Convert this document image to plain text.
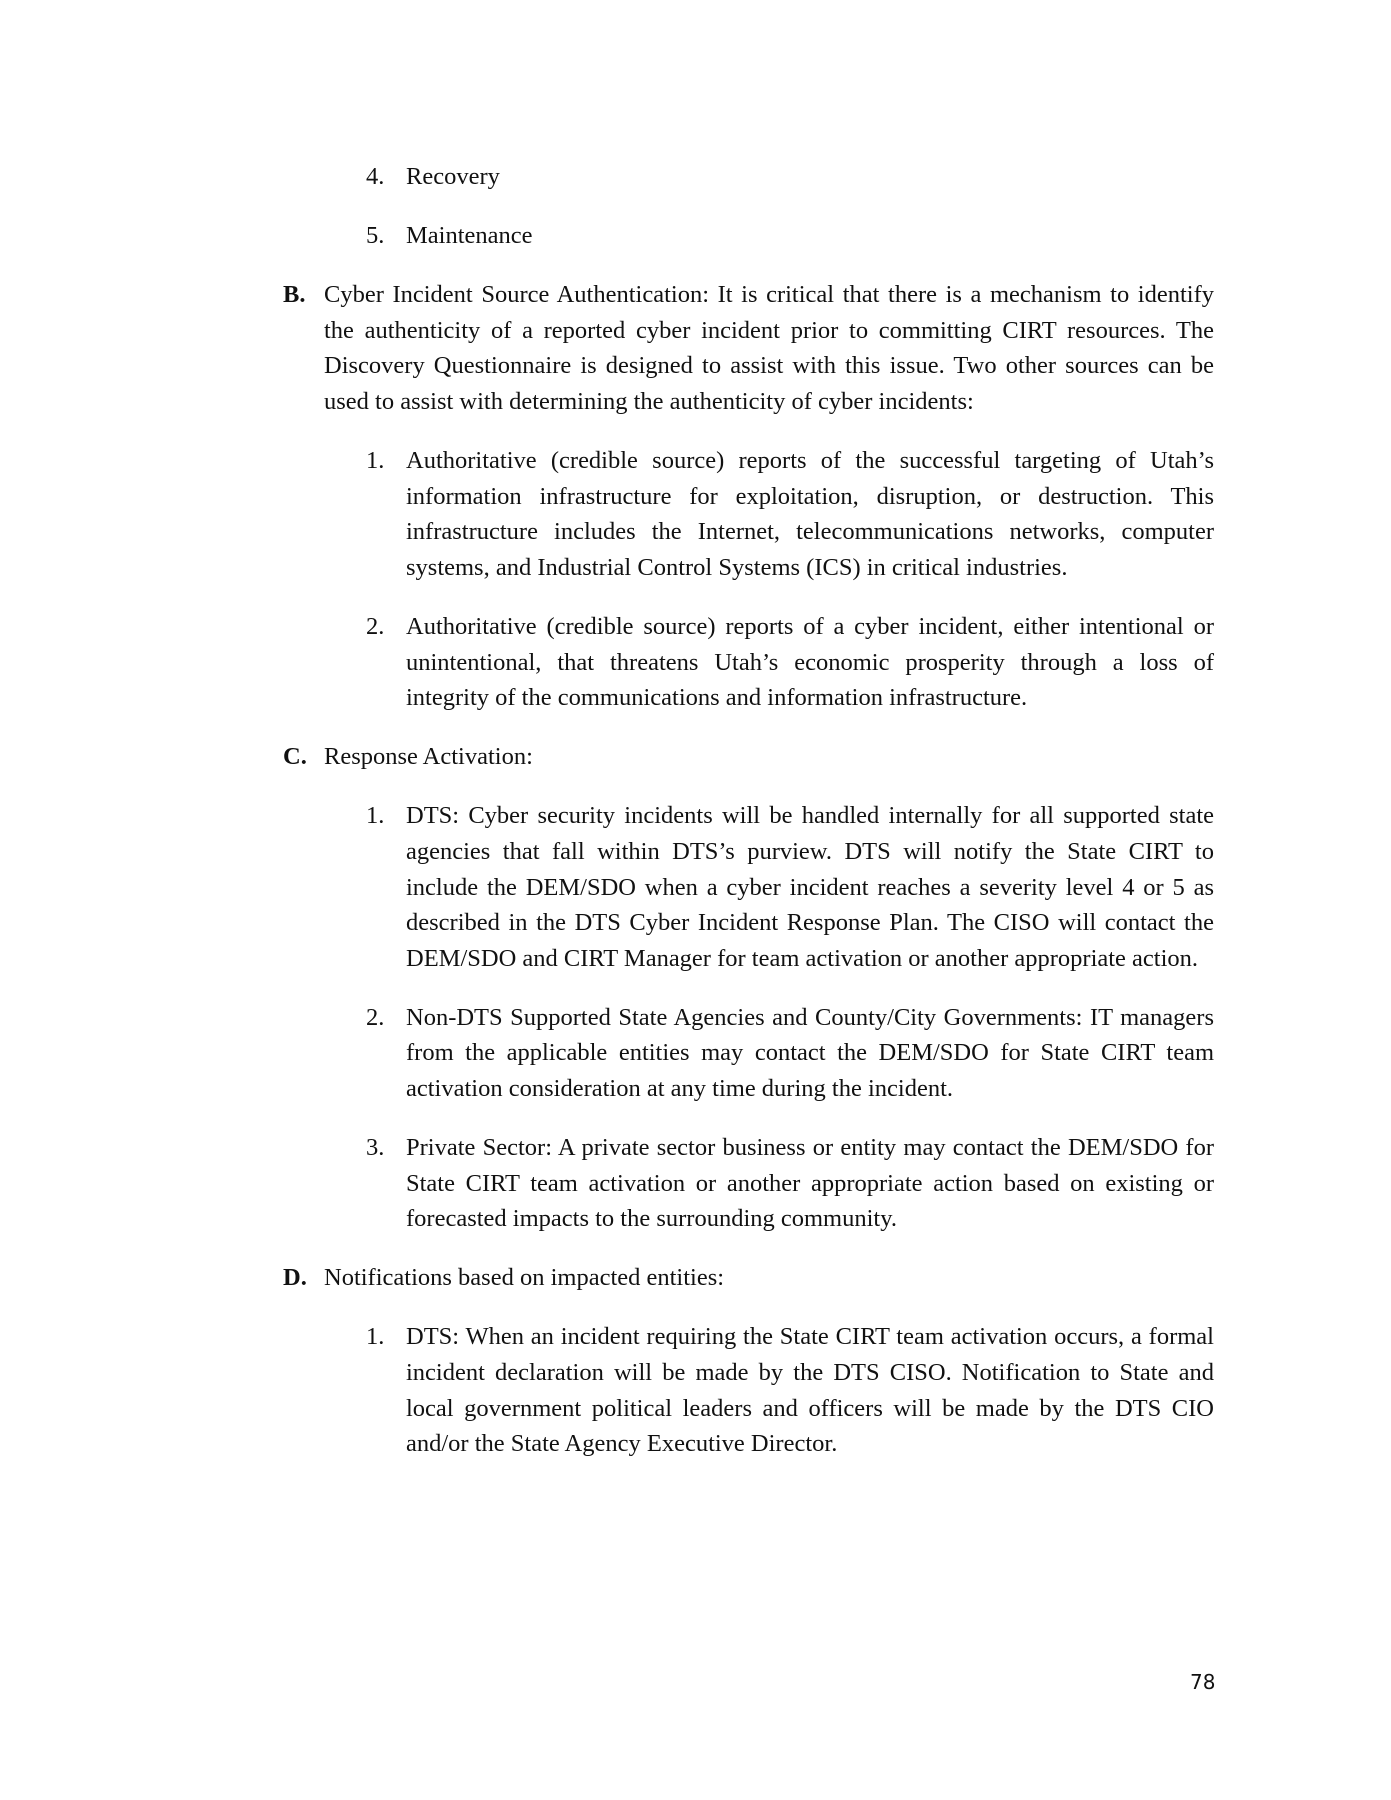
4. Recovery
5. Maintenance
B. Cyber Incident Source Authentication: It is critical that there is a mechanism to identify the authenticity of a reported cyber incident prior to committing CIRT resources. The Discovery Questionnaire is designed to assist with this issue. Two other sources can be used to assist with determining the authenticity of cyber incidents:
1. Authoritative (credible source) reports of the successful targeting of Utah’s information infrastructure for exploitation, disruption, or destruction. This infrastructure includes the Internet, telecommunications networks, computer systems, and Industrial Control Systems (ICS) in critical industries.
2. Authoritative (credible source) reports of a cyber incident, either intentional or unintentional, that threatens Utah’s economic prosperity through a loss of integrity of the communications and information infrastructure.
C. Response Activation:
1. DTS: Cyber security incidents will be handled internally for all supported state agencies that fall within DTS’s purview. DTS will notify the State CIRT to include the DEM/SDO when a cyber incident reaches a severity level 4 or 5 as described in the DTS Cyber Incident Response Plan. The CISO will contact the DEM/SDO and CIRT Manager for team activation or another appropriate action.
2. Non-DTS Supported State Agencies and County/City Governments: IT managers from the applicable entities may contact the DEM/SDO for State CIRT team activation consideration at any time during the incident.
3. Private Sector: A private sector business or entity may contact the DEM/SDO for State CIRT team activation or another appropriate action based on existing or forecasted impacts to the surrounding community.
D. Notifications based on impacted entities:
1. DTS: When an incident requiring the State CIRT team activation occurs, a formal incident declaration will be made by the DTS CISO. Notification to State and local government political leaders and officers will be made by the DTS CIO and/or the State Agency Executive Director.
78
